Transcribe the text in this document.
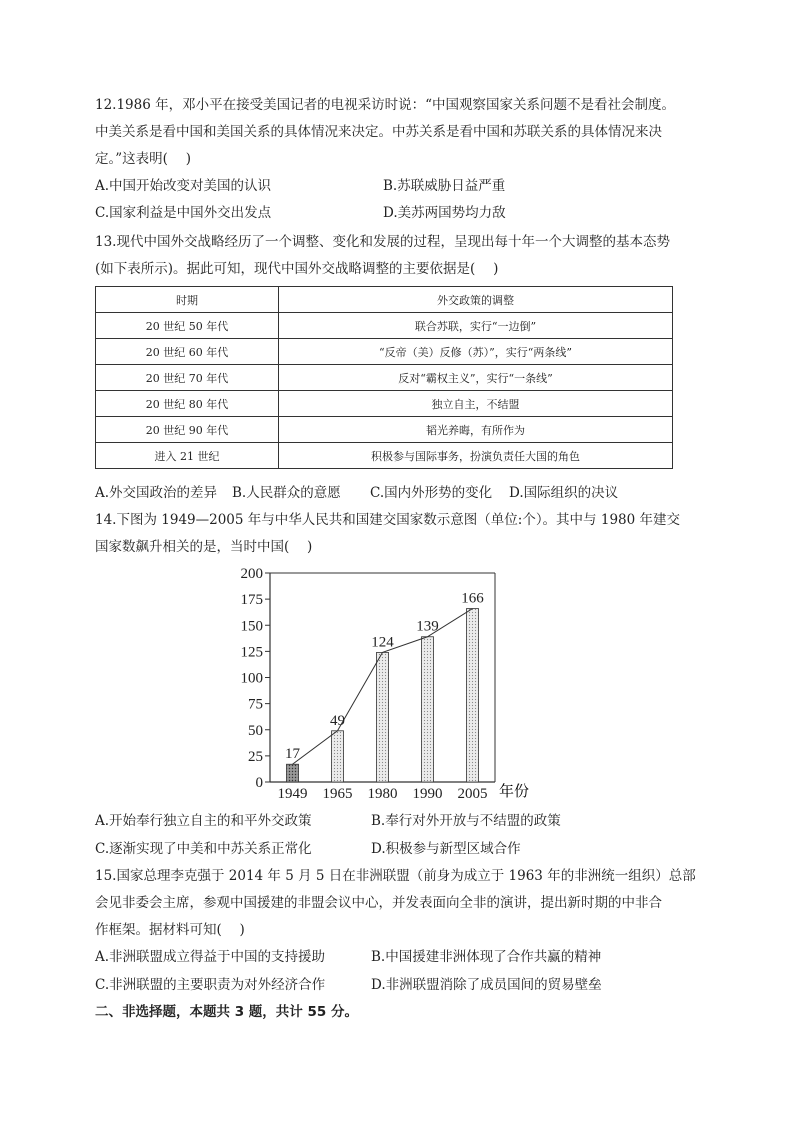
12.1986 年，邓小平在接受美国记者的电视采访时说：“中国观察国家关系问题不是看社会制度。
中美关系是看中国和美国关系的具体情况来决定。中苏关系是看中国和苏联关系的具体情况来决
定。”这表明(　 )
A.中国开始改变对美国的认识	B.苏联威胁日益严重
C.国家利益是中国外交出发点	D.美苏两国势均力敌
13.现代中国外交战略经历了一个调整、变化和发展的过程，呈现出每十年一个大调整的基本态势
(如下表所示)。据此可知，现代中国外交战略调整的主要依据是(　 )
时期	外交政策的调整
20 世纪 50 年代	联合苏联，实行“一边倒”
20 世纪 60 年代	“反帝（美）反修（苏）”，实行“两条线”
20 世纪 70 年代	反对“霸权主义”，实行“一条线”
20 世纪 80 年代	独立自主，不结盟
20 世纪 90 年代	韬光养晦，有所作为
进入 21 世纪	积极参与国际事务，扮演负责任大国的角色
A.外交国政治的差异 B.人民群众的意愿 C.国内外形势的变化 D.国际组织的决议
14.下图为 1949—2005 年与中华人民共和国建交国家数示意图（单位:个）。其中与 1980 年建交
国家数飙升相关的是，当时中国(　 )
0
25
50
75
100
125
150
175
200
17
49
124
139
166
1949 1965 1980 1990 2005 年份
A.开始奉行独立自主的和平外交政策	B.奉行对外开放与不结盟的政策
C.逐渐实现了中美和中苏关系正常化	D.积极参与新型区域合作
15.国家总理李克强于 2014 年 5 月 5 日在非洲联盟（前身为成立于 1963 年的非洲统一组织）总部
会见非委会主席，参观中国援建的非盟会议中心，并发表面向全非的演讲，提出新时期的中非合
作框架。据材料可知(　 )
A.非洲联盟成立得益于中国的支持援助	B.中国援建非洲体现了合作共赢的精神
C.非洲联盟的主要职责为对外经济合作	D.非洲联盟消除了成员国间的贸易壁垒
二、非选择题，本题共 3 题，共计 55 分。
